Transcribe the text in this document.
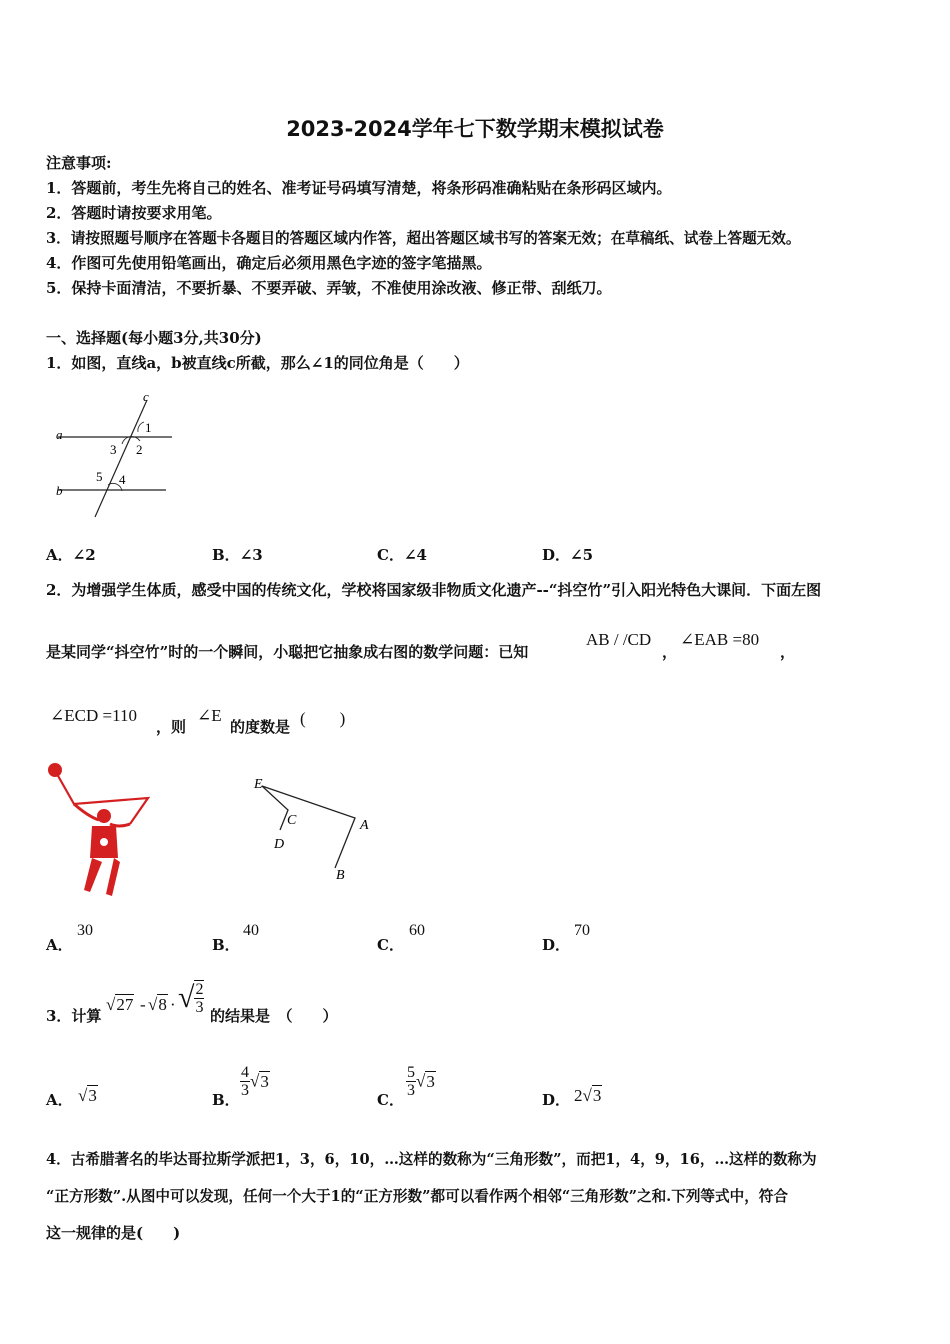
2023-2024学年七下数学期末模拟试卷
注意事项:
1．答题前，考生先将自己的姓名、准考证号码填写清楚，将条形码准确粘贴在条形码区域内。
2．答题时请按要求用笔。
3．请按照题号顺序在答题卡各题目的答题区域内作答，超出答题区域书写的答案无效；在草稿纸、试卷上答题无效。
4．作图可先使用铅笔画出，确定后必须用黑色字迹的签字笔描黑。
5．保持卡面清洁，不要折暴、不要弄破、弄皱，不准使用涂改液、修正带、刮纸刀。
一、选择题(每小题3分,共30分)
1．如图，直线a，b被直线c所截，那么∠1的同位角是（　　）
a
b
c
1
2
3
4
5
A．∠2	B．∠3	C．∠4	D．∠5
2．为增强学生体质，感受中国的传统文化，学校将国家级非物质文化遗产--“抖空竹”引入阳光特色大课间．下面左图
是某同学“抖空竹”时的一个瞬间，小聪把它抽象成右图的数学问题：已知
AB / /CD
，
∠EAB =80
，
∠ECD =110
，则
∠E
的度数是 (　　)
E
C
D
A
B
A．
30
B．
40
C．
60
D．
70
3．计算
√27 - √8 · √ $\frac{2}{3}$ 的结果是　（　　）
A． √3	B．
$\frac{4}{3} √3$
C．
$\frac{5}{3} √3$
D． 2√3
4．古希腊著名的毕达哥拉斯学派把1，3，6，10，…这样的数称为“三角形数”，而把1，4，9，16，…这样的数称为
“正方形数”.从图中可以发现，任何一个大于1的“正方形数”都可以看作两个相邻“三角形数”之和.下列等式中，符合
这一规律的是(　　)
